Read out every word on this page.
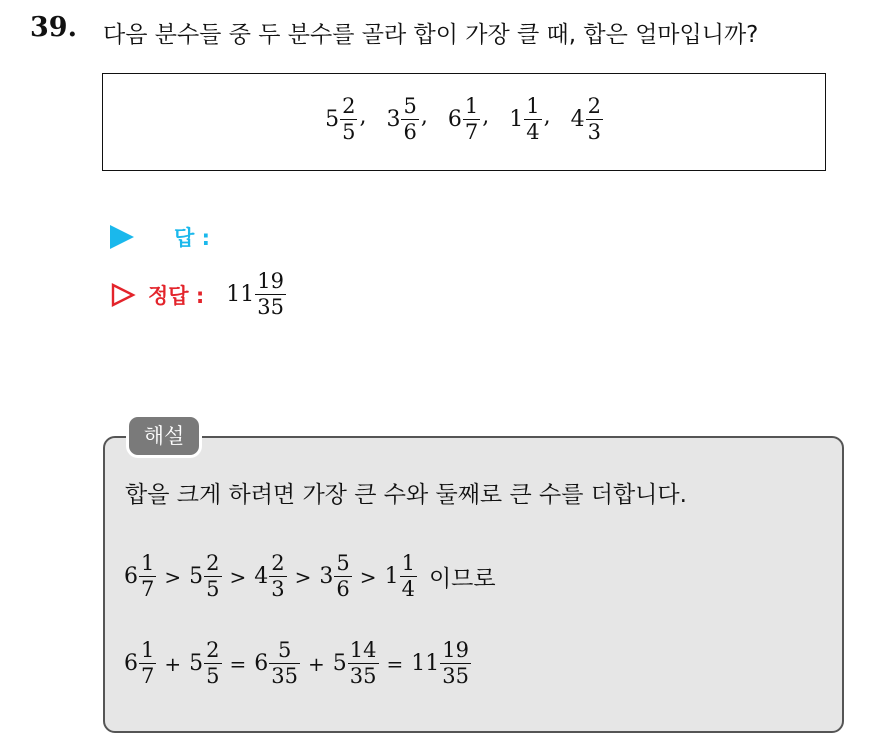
39. 다음 분수들 중 두 분수를 골라 합이 가장 클 때, 합은 얼마입니까?
$5 \frac{2}{5}$ , $3 \frac{5}{6}$ , $6 \frac{1}{7}$ , $1 \frac{1}{4}$ , $4 \frac{2}{3}$
답 :
정답 : $11 \frac{19}{35}$
해설
합을 크게 하려면 가장 큰 수와 둘째로 큰 수를 더합니다.
$6 \frac{1}{7} > 5 \frac{2}{5} > 4 \frac{2}{3} > 3 \frac{5}{6} > 1 \frac{1}{4}$ 이므로
$6 \frac{1}{7} + 5 \frac{2}{5} = 6 \frac{5}{35} + 5 \frac{14}{35} = 11 \frac{19}{35}$
